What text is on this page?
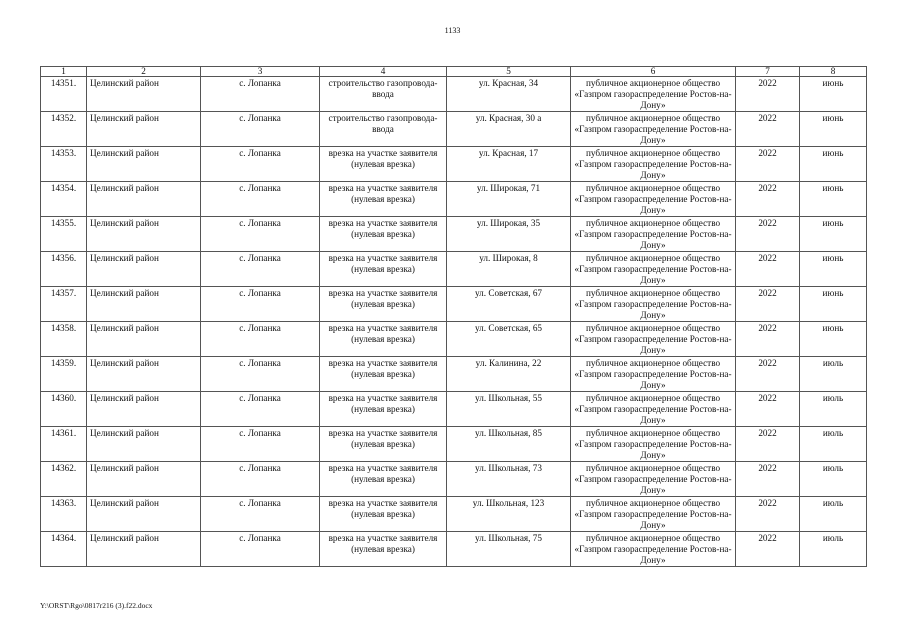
1133
1	2	3	4	5	6	7	8
14351.	Целинский район	с. Лопанка	строительство газопровода-ввода	ул. Красная, 34	публичное акционерное общество «Газпром газораспределение Ростов-на-Дону»	2022	июнь
14352.	Целинский район	с. Лопанка	строительство газопровода-ввода	ул. Красная, 30 а	публичное акционерное общество «Газпром газораспределение Ростов-на-Дону»	2022	июнь
14353.	Целинский район	с. Лопанка	врезка на участке заявителя (нулевая врезка)	ул. Красная, 17	публичное акционерное общество «Газпром газораспределение Ростов-на-Дону»	2022	июнь
14354.	Целинский район	с. Лопанка	врезка на участке заявителя (нулевая врезка)	ул. Широкая, 71	публичное акционерное общество «Газпром газораспределение Ростов-на-Дону»	2022	июнь
14355.	Целинский район	с. Лопанка	врезка на участке заявителя (нулевая врезка)	ул. Широкая, 35	публичное акционерное общество «Газпром газораспределение Ростов-на-Дону»	2022	июнь
14356.	Целинский район	с. Лопанка	врезка на участке заявителя (нулевая врезка)	ул. Широкая, 8	публичное акционерное общество «Газпром газораспределение Ростов-на-Дону»	2022	июнь
14357.	Целинский район	с. Лопанка	врезка на участке заявителя (нулевая врезка)	ул. Советская, 67	публичное акционерное общество «Газпром газораспределение Ростов-на-Дону»	2022	июнь
14358.	Целинский район	с. Лопанка	врезка на участке заявителя (нулевая врезка)	ул. Советская, 65	публичное акционерное общество «Газпром газораспределение Ростов-на-Дону»	2022	июнь
14359.	Целинский район	с. Лопанка	врезка на участке заявителя (нулевая врезка)	ул. Калинина, 22	публичное акционерное общество «Газпром газораспределение Ростов-на-Дону»	2022	июль
14360.	Целинский район	с. Лопанка	врезка на участке заявителя (нулевая врезка)	ул. Школьная, 55	публичное акционерное общество «Газпром газораспределение Ростов-на-Дону»	2022	июль
14361.	Целинский район	с. Лопанка	врезка на участке заявителя (нулевая врезка)	ул. Школьная, 85	публичное акционерное общество «Газпром газораспределение Ростов-на-Дону»	2022	июль
14362.	Целинский район	с. Лопанка	врезка на участке заявителя (нулевая врезка)	ул. Школьная, 73	публичное акционерное общество «Газпром газораспределение Ростов-на-Дону»	2022	июль
14363.	Целинский район	с. Лопанка	врезка на участке заявителя (нулевая врезка)	ул. Школьная, 123	публичное акционерное общество «Газпром газораспределение Ростов-на-Дону»	2022	июль
14364.	Целинский район	с. Лопанка	врезка на участке заявителя (нулевая врезка)	ул. Школьная, 75	публичное акционерное общество «Газпром газораспределение Ростов-на-Дону»	2022	июль
Y:\ORST\Rgo\0817r216 (3).f22.docx
